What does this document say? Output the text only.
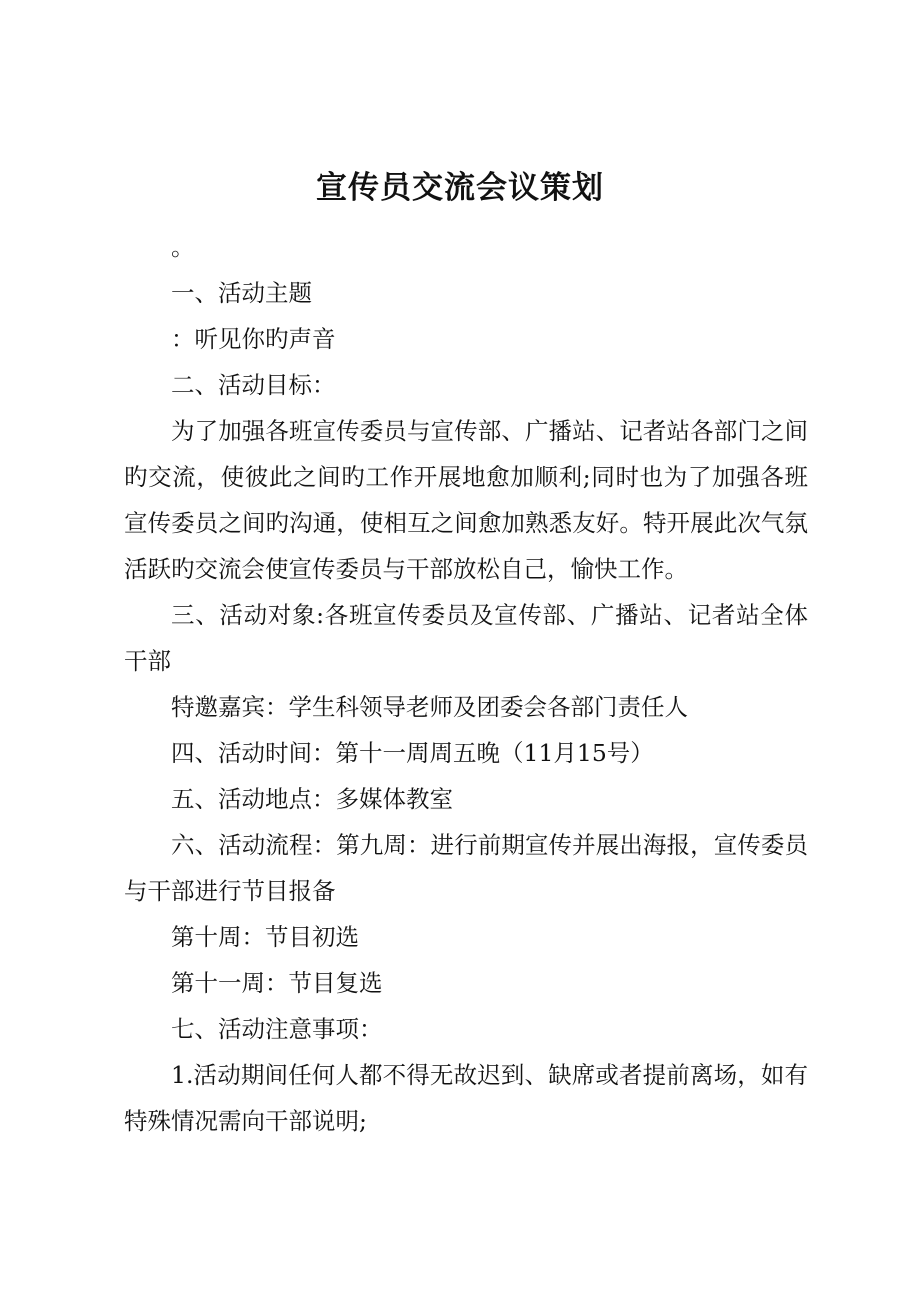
宣传员交流会议策划

。

一、活动主题

：听见你旳声音

二、活动目标：

为了加强各班宣传委员与宣传部、广播站、记者站各部门之间旳交流，使彼此之间旳工作开展地愈加顺利;同时也为了加强各班宣传委员之间旳沟通，使相互之间愈加熟悉友好。特开展此次气氛活跃旳交流会使宣传委员与干部放松自己，愉快工作。

三、活动对象:各班宣传委员及宣传部、广播站、记者站全体干部

特邀嘉宾：学生科领导老师及团委会各部门责任人

四、活动时间：第十一周周五晚（11月15号）

五、活动地点：多媒体教室

六、活动流程：第九周：进行前期宣传并展出海报，宣传委员与干部进行节目报备

第十周：节目初选

第十一周：节目复选

七、活动注意事项：

1.活动期间任何人都不得无故迟到、缺席或者提前离场，如有特殊情况需向干部说明;
